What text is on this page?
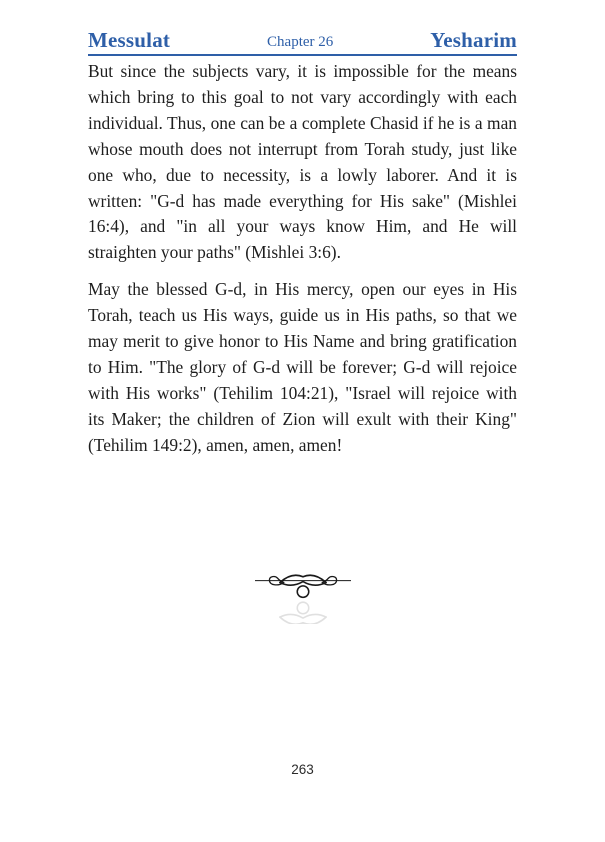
Messulat	Chapter 26	Yesharim

But since the subjects vary, it is impossible for the means which bring to this goal to not vary accordingly with each individual. Thus, one can be a complete Chasid if he is a man whose mouth does not interrupt from Torah study, just like one who, due to necessity, is a lowly laborer. And it is written: "G-d has made everything for His sake" (Mishlei 16:4), and "in all your ways know Him, and He will straighten your paths" (Mishlei 3:6).

May the blessed G-d, in His mercy, open our eyes in His Torah, teach us His ways, guide us in His paths, so that we may merit to give honor to His Name and bring gratification to Him. "The glory of G-d will be forever; G-d will rejoice with His works" (Tehilim 104:21), "Israel will rejoice with its Maker; the children of Zion will exult with their King" (Tehilim 149:2), amen, amen, amen!

263
